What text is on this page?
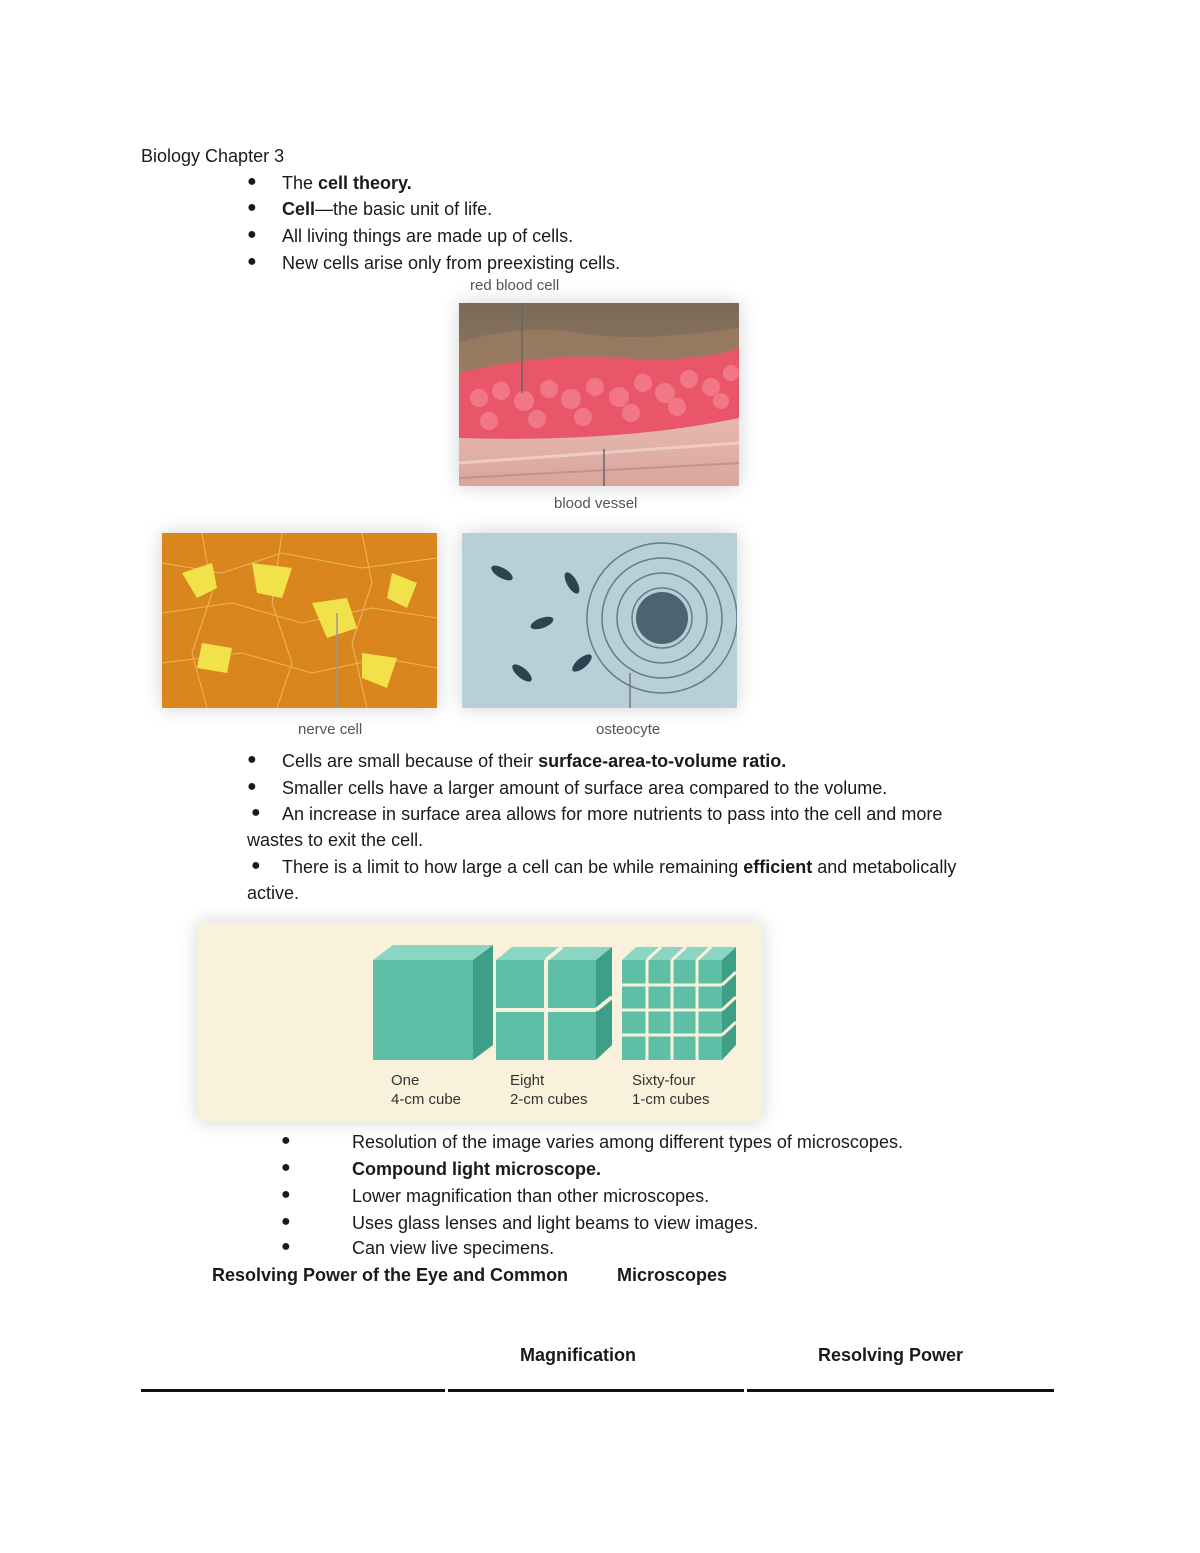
Biology Chapter 3
● The cell theory.
● Cell—the basic unit of life.
● All living things are made up of cells.
● New cells arise only from preexisting cells.
red blood cell
blood vessel
nerve cell	osteocyte
● Cells are small because of their surface-area-to-volume ratio.
● Smaller cells have a larger amount of surface area compared to the volume.
● An increase in surface area allows for more nutrients to pass into the cell and more
wastes to exit the cell.
● There is a limit to how large a cell can be while remaining efficient and metabolically
active.
One
4-cm cube
Eight
2-cm cubes
Sixty-four
1-cm cubes
●	Resolution of the image varies among different types of microscopes.
●	Compound light microscope.
●	Lower magnification than other microscopes.
●	Uses glass lenses and light beams to view images.
●	Can view live specimens.
Resolving Power of the Eye and Common	Microscopes
Magnification	Resolving Power
